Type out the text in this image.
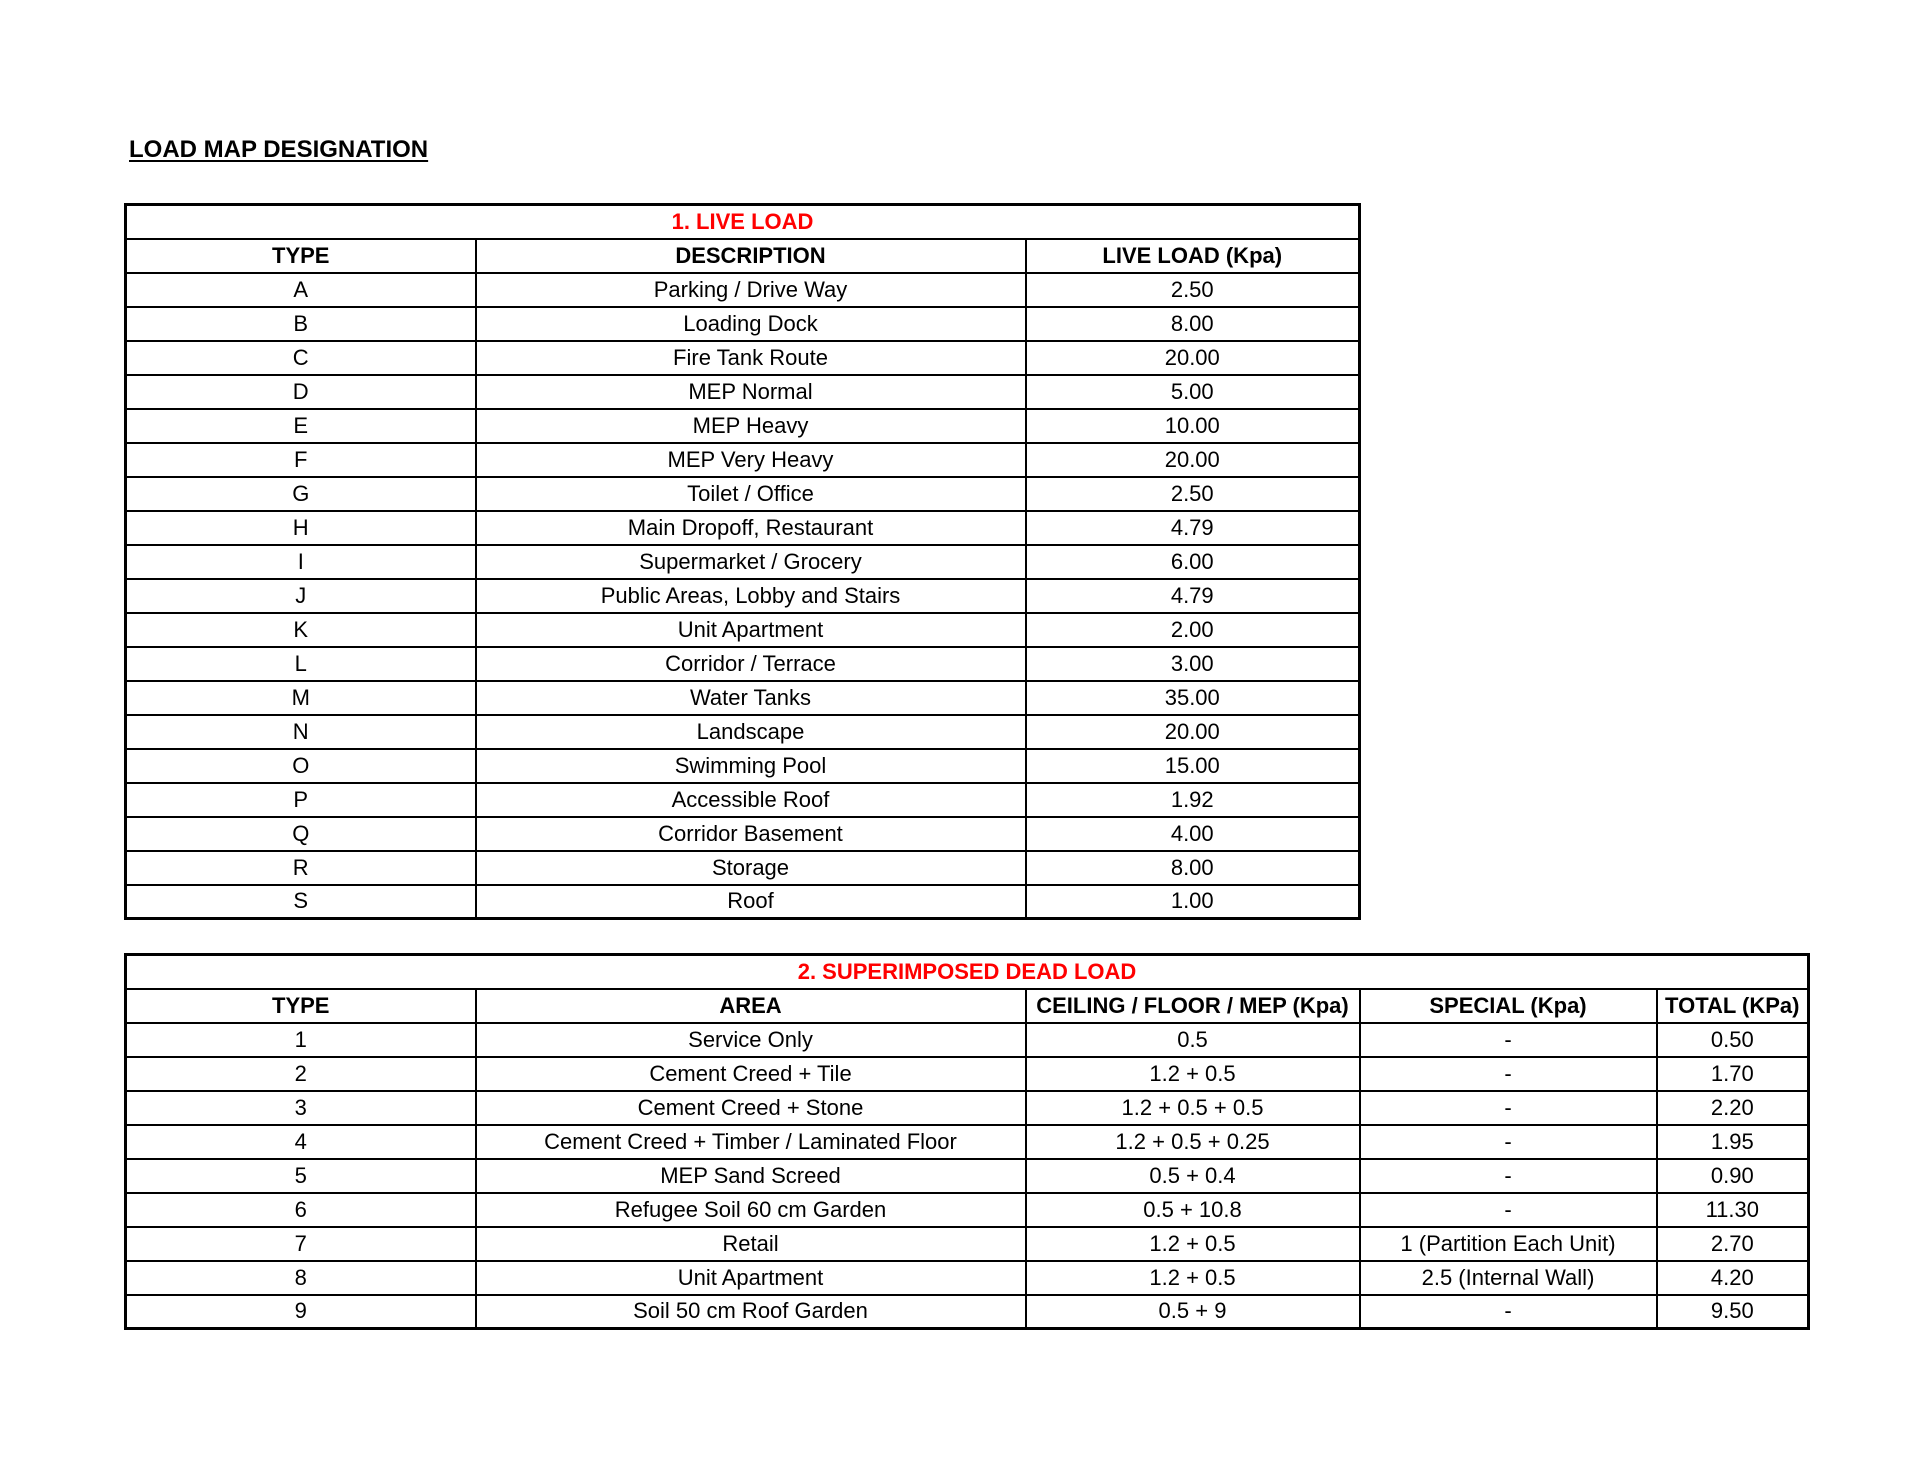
LOAD MAP DESIGNATION
1. LIVE LOAD		
TYPE	DESCRIPTION	LIVE LOAD (Kpa)
A	Parking / Drive Way	2.50
B	Loading Dock	8.00
C	Fire Tank Route	20.00
D	MEP Normal	5.00
E	MEP Heavy	10.00
F	MEP Very Heavy	20.00
G	Toilet / Office	2.50
H	Main Dropoff, Restaurant	4.79
I	Supermarket / Grocery	6.00
J	Public Areas, Lobby and Stairs	4.79
K	Unit Apartment	2.00
L	Corridor / Terrace	3.00
M	Water Tanks	35.00
N	Landscape	20.00
O	Swimming Pool	15.00
P	Accessible Roof	1.92
Q	Corridor Basement	4.00
R	Storage	8.00
S	Roof	1.00
2. SUPERIMPOSED DEAD LOAD				
TYPE	AREA	CEILING / FLOOR / MEP (Kpa)	SPECIAL (Kpa)	TOTAL (KPa)
1	Service Only	0.5	-	0.50
2	Cement Creed + Tile	1.2 + 0.5	-	1.70
3	Cement Creed + Stone	1.2 + 0.5 + 0.5	-	2.20
4	Cement Creed + Timber / Laminated Floor	1.2 + 0.5 + 0.25	-	1.95
5	MEP Sand Screed	0.5 + 0.4	-	0.90
6	Refugee Soil 60 cm Garden	0.5 + 10.8	-	11.30
7	Retail	1.2 + 0.5	1 (Partition Each Unit)	2.70
8	Unit Apartment	1.2 + 0.5	2.5 (Internal Wall)	4.20
9	Soil 50 cm Roof Garden	0.5 + 9	-	9.50
